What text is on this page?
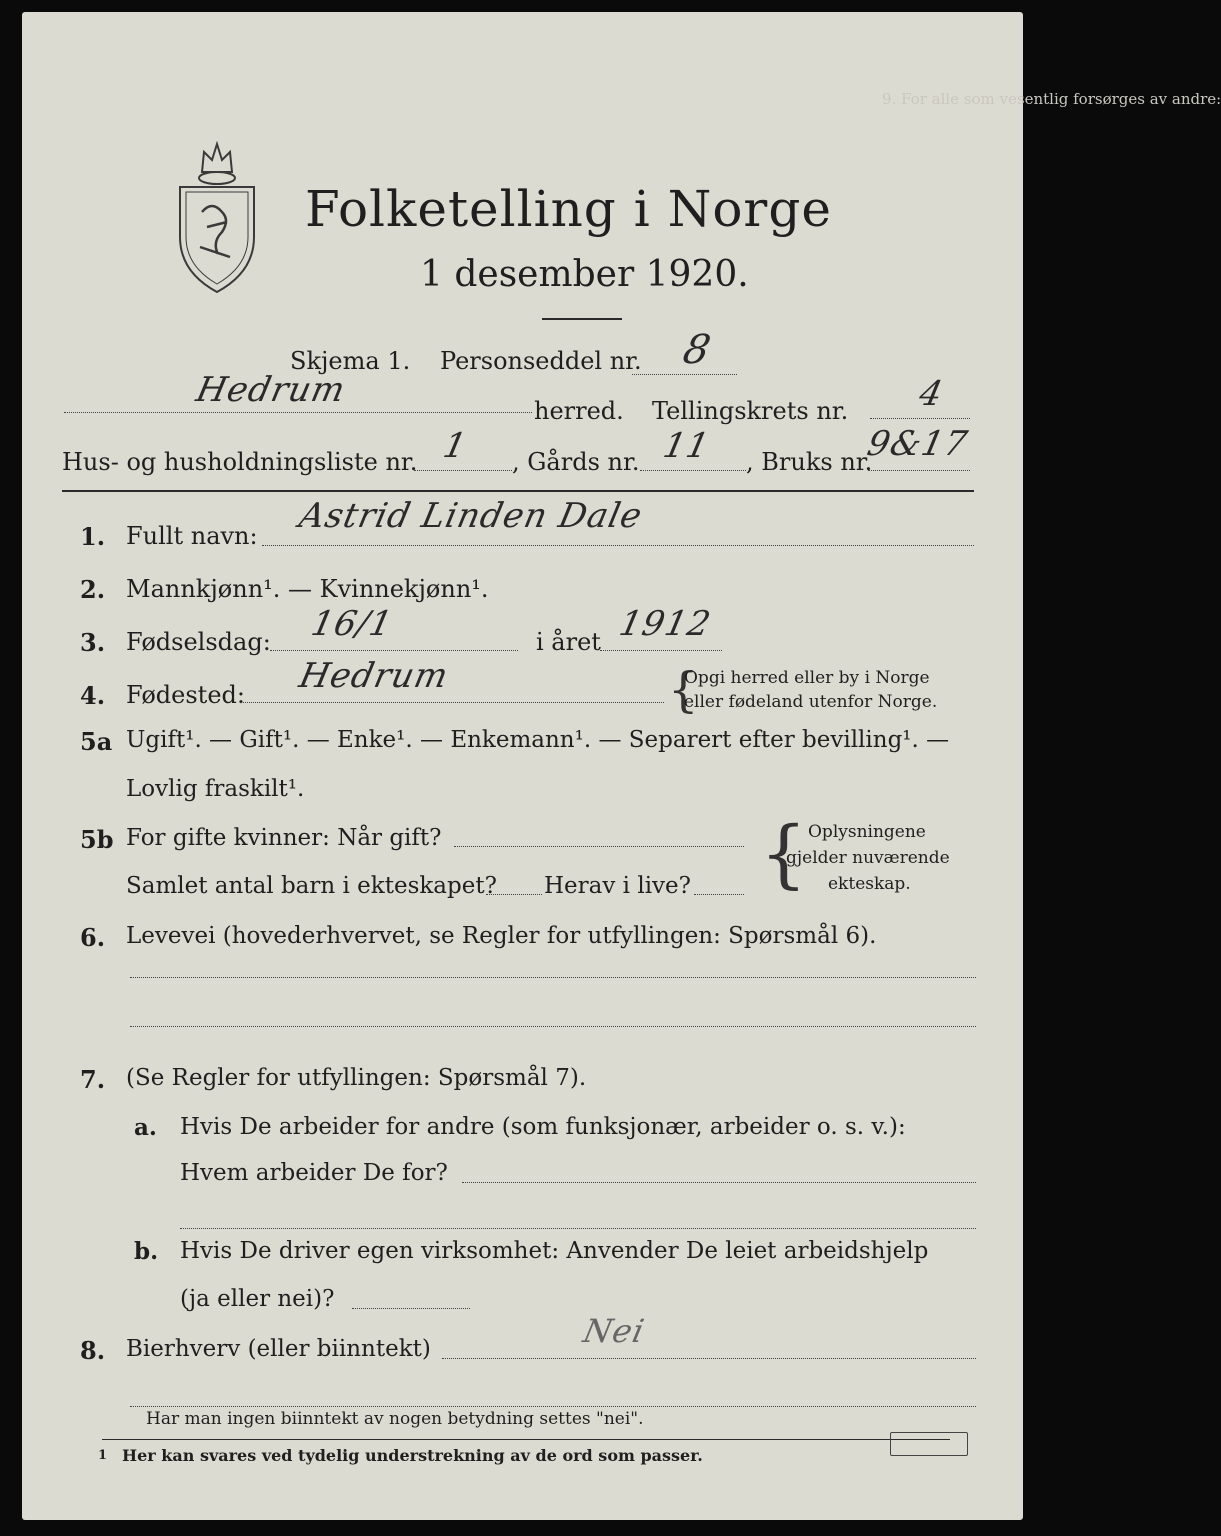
9. For alle som vesentlig forsørges av andre:
Folketelling i Norge
1 desember 1920.
Skjema 1. Personseddel nr. 8
Hedrum
herred. Tellingskrets nr. 4
Hus- og husholdningsliste nr. 1 , Gårds nr. 11 , Bruks nr.
9&17
1. Fullt navn: Astrid Linden Dale
2. Mannkjønn¹. — Kvinnekjønn¹.
3. Fødselsdag: 16/1	i året 1912
4. Fødested: Hedrum	{
Opgi herred eller by i Norge
eller fødeland utenfor Norge.
5a Ugift¹. — Gift¹. — Enke¹. — Enkemann¹. — Separert efter bevilling¹. —
Lovlig fraskilt¹.
5b For gifte kvinner: Når gift?
Samlet antal barn i ekteskapet? Herav i live? { Oplysningene
gjelder nuværende
ekteskap.
6. Levevei (hovederhvervet, se Regler for utfyllingen: Spørsmål 6).
7. (Se Regler for utfyllingen: Spørsmål 7).
a. Hvis De arbeider for andre (som funksjonær, arbeider o. s. v.):
Hvem arbeider De for?
b. Hvis De driver egen virksomhet: Anvender De leiet arbeidshjelp
(ja eller nei)?
8. Bierhverv (eller biinntekt)	Nei
Har man ingen biinntekt av nogen betydning settes "nei".
1 Her kan svares ved tydelig understrekning av de ord som passer.
